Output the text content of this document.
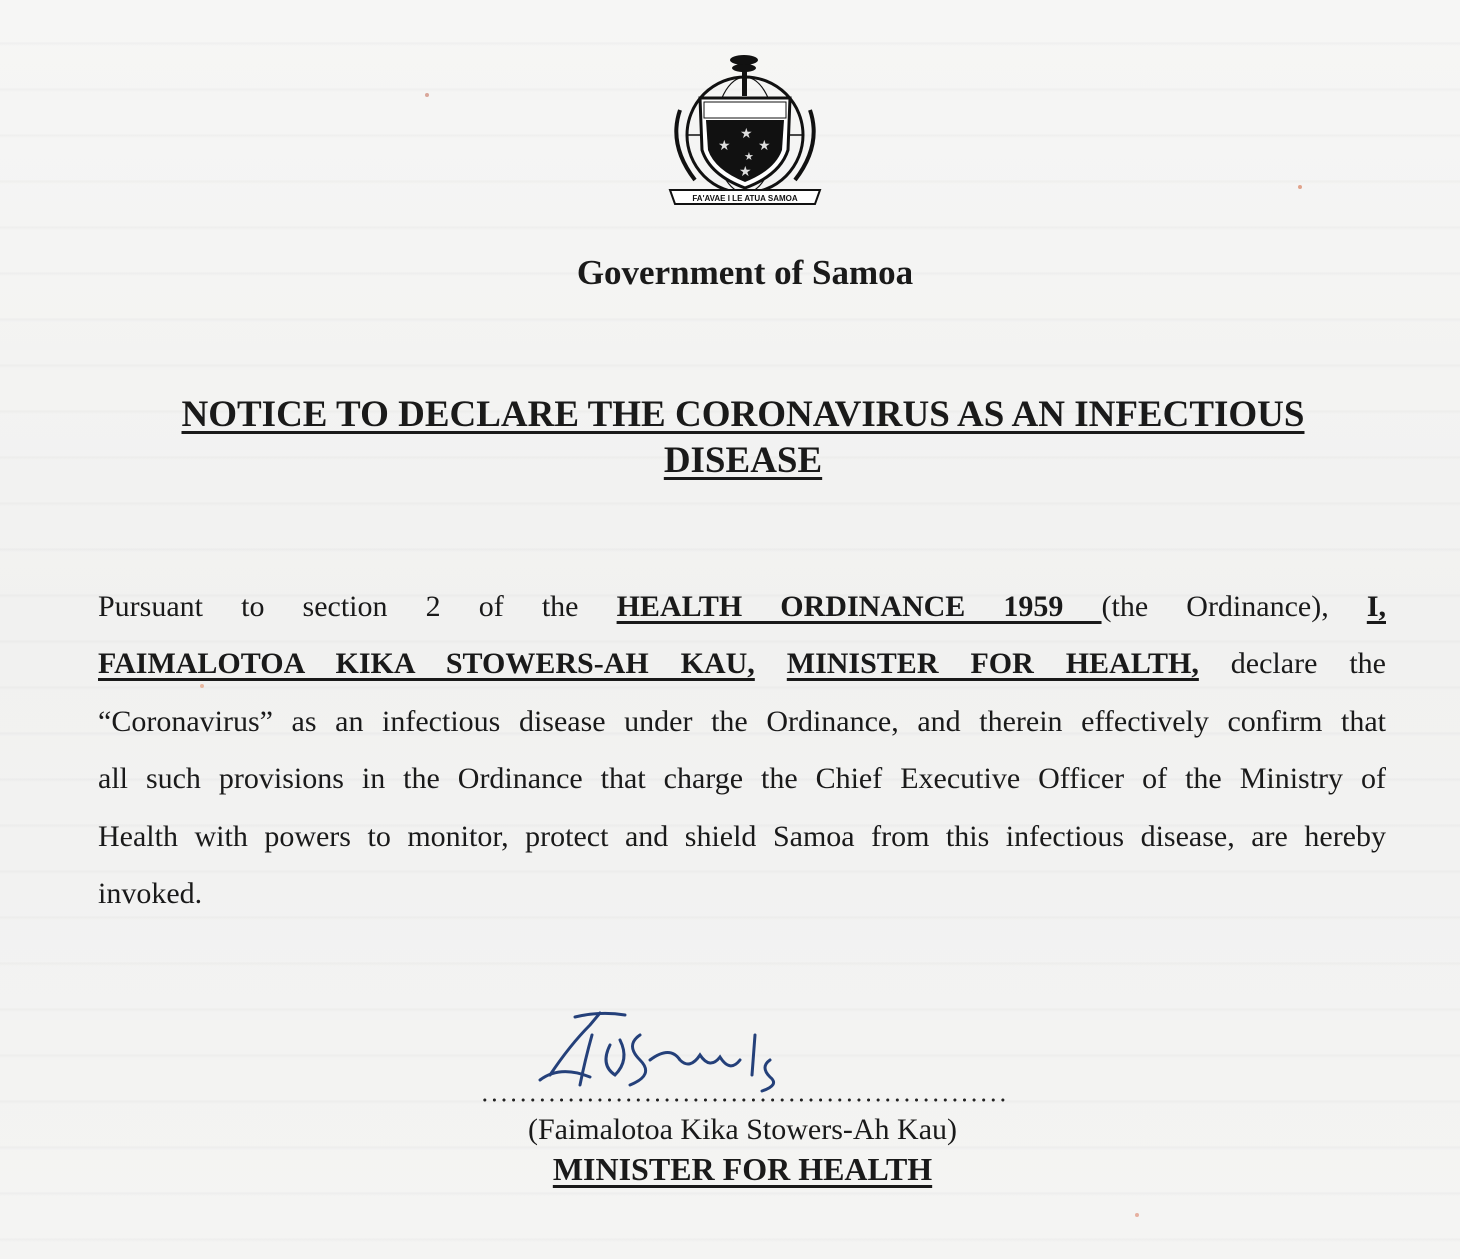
★
★ ★
★
★
FA'AVAE I LE ATUA SAMOA
Government of Samoa
NOTICE TO DECLARE THE CORONAVIRUS AS AN INFECTIOUS
DISEASE
Pursuant to section 2 of the HEALTH ORDINANCE 1959 (the Ordinance), I,
FAIMALOTOA KIKA STOWERS-AH KAU, MINISTER FOR HEALTH, declare the
“Coronavirus” as an infectious disease under the Ordinance, and therein effectively confirm that
all such provisions in the Ordinance that charge the Chief Executive Officer of the Ministry of
Health with powers to monitor, protect and shield Samoa from this infectious disease, are hereby
invoked.
(Faimalotoa Kika Stowers-Ah Kau)
MINISTER FOR HEALTH
